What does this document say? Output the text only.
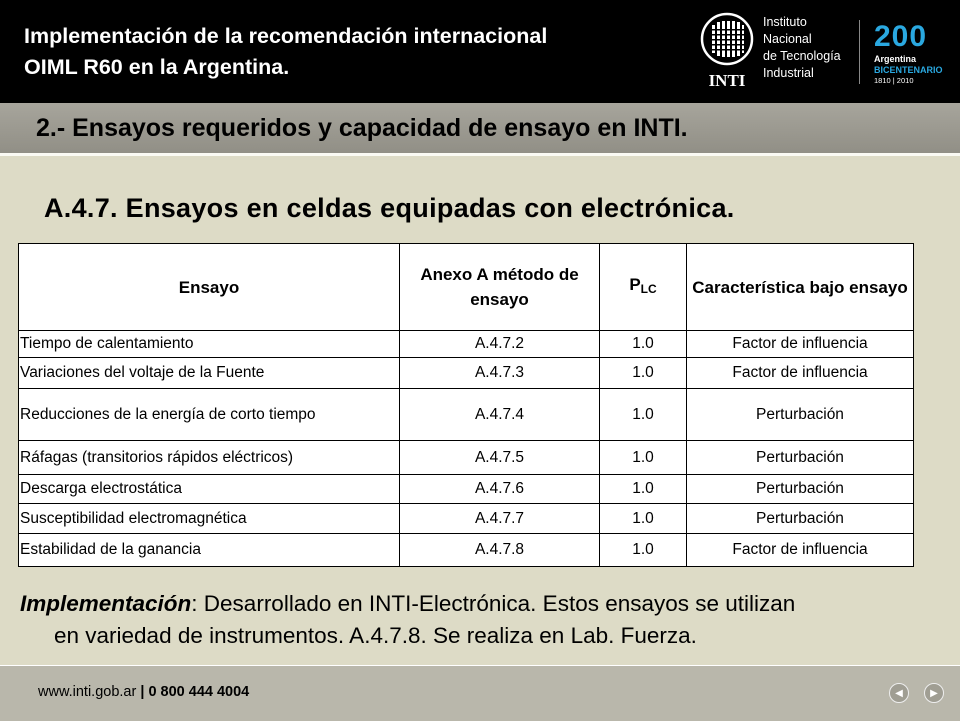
Implementación de la recomendación internacional
OIML R60 en la Argentina.
INTI
Instituto
Nacional
de Tecnología
Industrial
200
Argentina
BICENTENARIO
1810 | 2010
2.- Ensayos requeridos y capacidad de ensayo en INTI.
A.4.7. Ensayos en celdas equipadas con electrónica.
Ensayo	Anexo A método de ensayo	$P_{LC}$	Característica bajo ensayo
Tiempo de calentamiento	A.4.7.2	1.0	Factor de influencia
Variaciones del voltaje de la Fuente	A.4.7.3	1.0	Factor de influencia
Reducciones de la energía de corto tiempo	A.4.7.4	1.0	Perturbación
Ráfagas (transitorios rápidos eléctricos)	A.4.7.5	1.0	Perturbación
Descarga electrostática	A.4.7.6	1.0	Perturbación
Susceptibilidad electromagnética	A.4.7.7	1.0	Perturbación
Estabilidad de la ganancia	A.4.7.8	1.0	Factor de influencia
Implementación: Desarrollado en INTI-Electrónica. Estos ensayos se utilizan
en variedad de instrumentos. A.4.7.8. Se realiza en Lab. Fuerza.
www.inti.gob.ar | 0 800 444 4004	◀	▶
